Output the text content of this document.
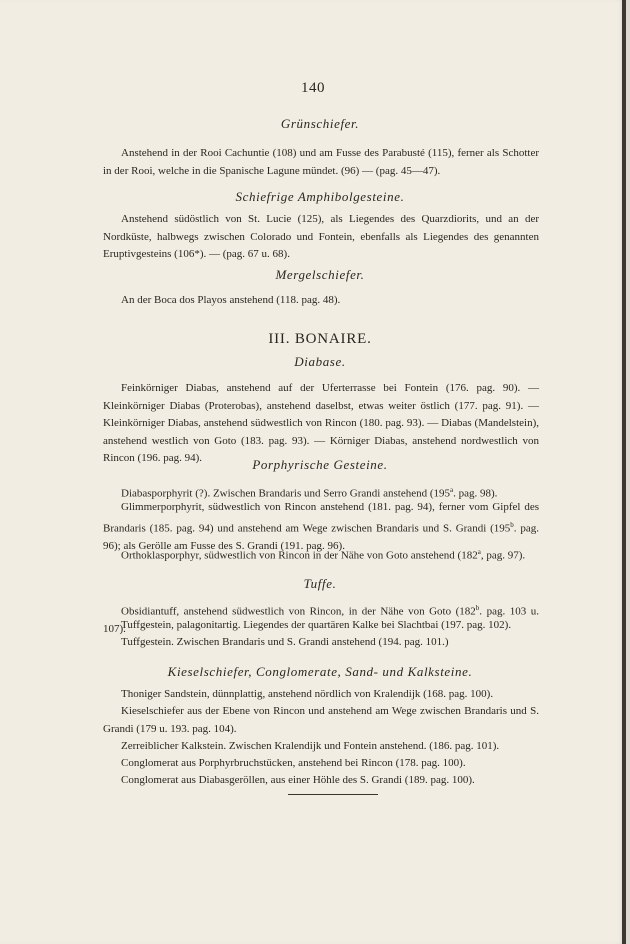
140
Grünschiefer.

Anstehend in der Rooi Cachuntie (108) und am Fusse des Parabusté (115), ferner als Schotter in der Rooi, welche in die Spanische Lagune mündet. (96) — (pag. 45—47).

Schiefrige Amphibolgesteine.

Anstehend südöstlich von St. Lucie (125), als Liegendes des Quarzdiorits, und an der Nordküste, halbwegs zwischen Colorado und Fontein, ebenfalls als Liegendes des genannten Eruptivgesteins (106*). — (pag. 67 u. 68).

Mergelschiefer.

An der Boca dos Playos anstehend (118. pag. 48).

III. BONAIRE.
Diabase.

Feinkörniger Diabas, anstehend auf der Uferterrasse bei Fontein (176. pag. 90). — Kleinkörniger Diabas (Proterobas), anstehend daselbst, etwas weiter östlich (177. pag. 91). — Kleinkörniger Diabas, anstehend südwestlich von Rincon (180. pag. 93). — Diabas (Mandelstein), anstehend westlich von Goto (183. pag. 93). — Körniger Diabas, anstehend nordwestlich von Rincon (196. pag. 94).	Porphyrische Gesteine.

Diabasporphyrit (?). Zwischen Brandaris und Serro Grandi anstehend (195$^a$. pag. 98).

Glimmerporphyrit, südwestlich von Rincon anstehend (181. pag. 94), ferner vom Gipfel des Brandaris (185. pag. 94) und anstehend am Wege zwischen Brandaris und S. Grandi (195$^b$. pag. 96); als Gerölle am Fusse des S. Grandi (191. pag. 96).

Orthoklasporphyr, südwestlich von Rincon in der Nähe von Goto anstehend (182$^a$, pag. 97).

Tuffe.

Obsidiantuff, anstehend südwestlich von Rincon, in der Nähe von Goto (182$^b$. pag. 103 u. 107).

Tuffgestein, palagonitartig. Liegendes der quartären Kalke bei Slachtbai (197. pag. 102).

Tuffgestein. Zwischen Brandaris und S. Grandi anstehend (194. pag. 101.)

Kieselschiefer, Conglomerate, Sand- und Kalksteine.

Thoniger Sandstein, dünnplattig, anstehend nördlich von Kralendijk (168. pag. 100).

Kieselschiefer aus der Ebene von Rincon und anstehend am Wege zwischen Brandaris und S. Grandi (179 u. 193. pag. 104).

Zerreiblicher Kalkstein. Zwischen Kralendijk und Fontein anstehend. (186. pag. 101).

Conglomerat aus Porphyrbruchstücken, anstehend bei Rincon (178. pag. 100).

Conglomerat aus Diabasgeröllen, aus einer Höhle des S. Grandi (189. pag. 100).
